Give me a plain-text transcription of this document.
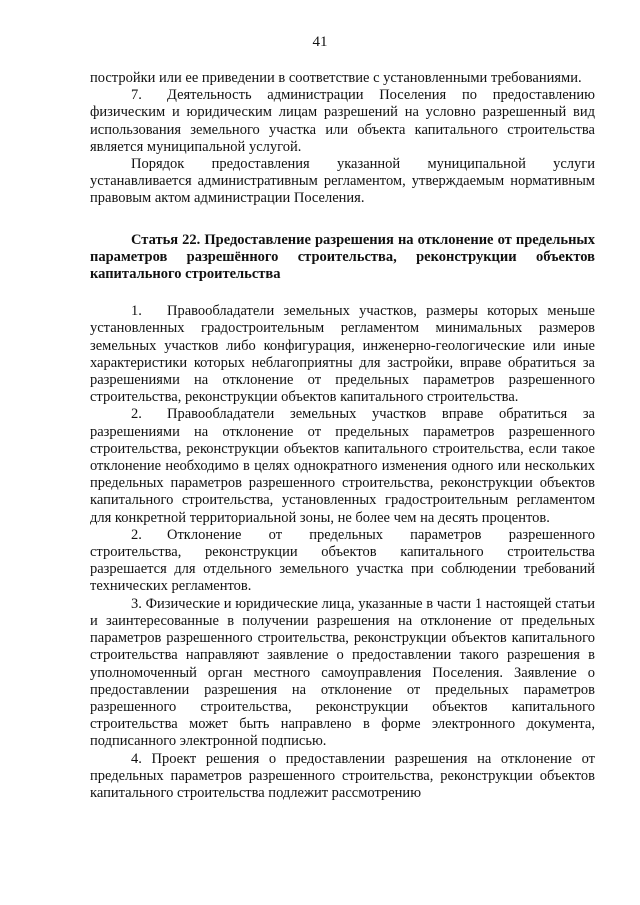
41

постройки или ее приведении в соответствие с установленными требованиями.

7. Деятельность администрации Поселения по предоставлению физическим и юридическим лицам разрешений на условно разрешенный вид использования земельного участка или объекта капитального строительства является муниципальной услугой.

Порядок предоставления указанной муниципальной услуги устанавливается административным регламентом, утверждаемым нормативным правовым актом администрации Поселения.

Статья 22. Предоставление разрешения на отклонение от предельных параметров разрешённого строительства, реконструкции объектов капитального строительства

1. Правообладатели земельных участков, размеры которых меньше установленных градостроительным регламентом минимальных размеров земельных участков либо конфигурация, инженерно-геологические или иные характеристики которых неблагоприятны для застройки, вправе обратиться за разрешениями на отклонение от предельных параметров разрешенного строительства, реконструкции объектов капитального строительства.

2. Правообладатели земельных участков вправе обратиться за разрешениями на отклонение от предельных параметров разрешенного строительства, реконструкции объектов капитального строительства, если такое отклонение необходимо в целях однократного изменения одного или нескольких предельных параметров разрешенного строительства, реконструкции объектов капитального строительства, установленных градостроительным регламентом для конкретной территориальной зоны, не более чем на десять процентов.

2. Отклонение от предельных параметров разрешенного строительства, реконструкции объектов капитального строительства разрешается для отдельного земельного участка при соблюдении требований технических регламентов.

3. Физические и юридические лица, указанные в части 1 настоящей статьи и заинтересованные в получении разрешения на отклонение от предельных параметров разрешенного строительства, реконструкции объектов капитального строительства направляют заявление о предоставлении такого разрешения в уполномоченный орган местного самоуправления Поселения. Заявление о предоставлении разрешения на отклонение от предельных параметров разрешенного строительства, реконструкции объектов капитального строительства может быть направлено в форме электронного документа, подписанного электронной подписью.

4. Проект решения о предоставлении разрешения на отклонение от предельных параметров разрешенного строительства, реконструкции объектов капитального строительства подлежит рассмотрению
